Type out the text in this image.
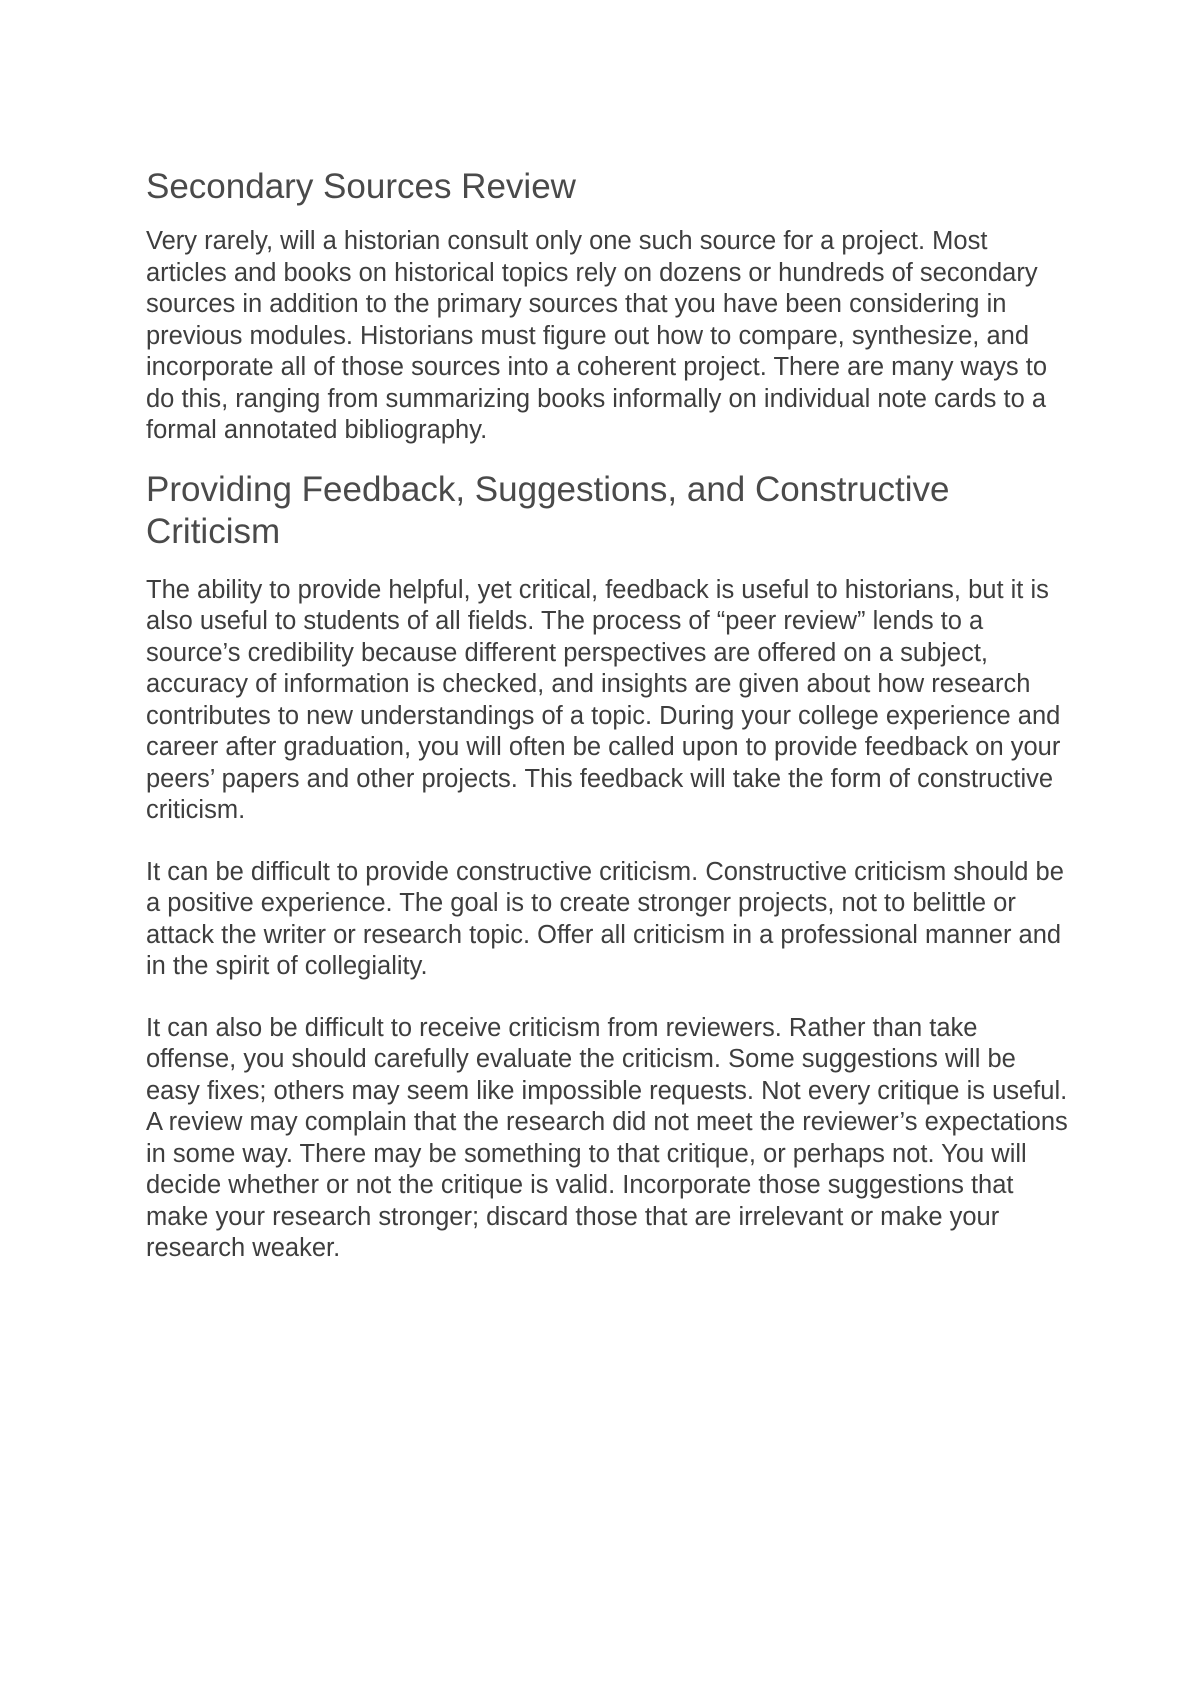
Secondary Sources Review

Very rarely, will a historian consult only one such source for a project. Most articles and books on historical topics rely on dozens or hundreds of secondary sources in addition to the primary sources that you have been considering in previous modules. Historians must figure out how to compare, synthesize, and incorporate all of those sources into a coherent project. There are many ways to do this, ranging from summarizing books informally on individual note cards to a formal annotated bibliography.

Providing Feedback, Suggestions, and Constructive Criticism

The ability to provide helpful, yet critical, feedback is useful to historians, but it is also useful to students of all fields. The process of “peer review” lends to a source’s credibility because different perspectives are offered on a subject, accuracy of information is checked, and insights are given about how research contributes to new understandings of a topic. During your college experience and career after graduation, you will often be called upon to provide feedback on your peers’ papers and other projects. This feedback will take the form of constructive criticism.

It can be difficult to provide constructive criticism. Constructive criticism should be a positive experience. The goal is to create stronger projects, not to belittle or attack the writer or research topic. Offer all criticism in a professional manner and in the spirit of collegiality.

It can also be difficult to receive criticism from reviewers. Rather than take offense, you should carefully evaluate the criticism. Some suggestions will be easy fixes; others may seem like impossible requests. Not every critique is useful. A review may complain that the research did not meet the reviewer’s expectations in some way. There may be something to that critique, or perhaps not. You will decide whether or not the critique is valid. Incorporate those suggestions that make your research stronger; discard those that are irrelevant or make your research weaker.
